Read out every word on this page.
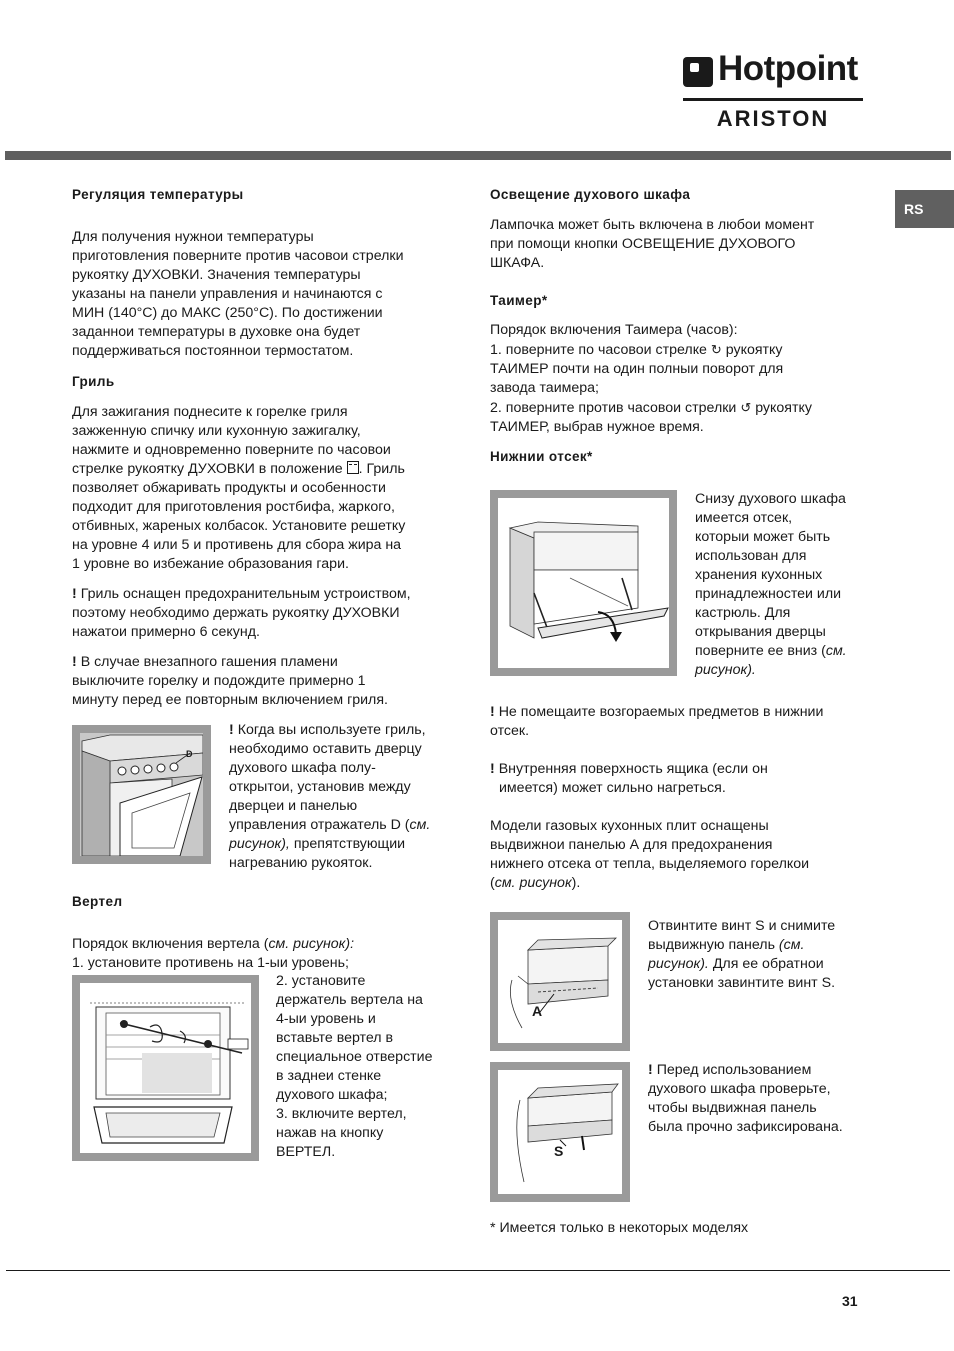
Hotpoint
ARISTON
RS
Регуляция температуры
Для получения нужнои температуры
приготовления поверните против часовои стрелки
рукоятку ДУХОВКИ. Значения температуры
указаны на панели управления и начинаются с
МИН (140°С) до МАКС (250°С). По достижении
заданнои температуры в духовке она будет
поддерживаться постояннои термостатом.
Гриль
Для зажигания поднесите к горелке гриля
зажженную спичку или кухонную зажигалку,
нажмите и одновременно поверните по часовои
стрелке рукоятку ДУХОВКИ в положение . Гриль
позволяет обжаривать продукты и особенности
подходит для приготовления ростбифа, жаркого,
отбивных, жареных колбасок. Установите решетку
на уровне 4 или 5 и противень для сбора жира на
1 уровне во избежание образования гари.
! Гриль оснащен предохранительным устроиством,
поэтому необходимо держать рукоятку ДУХОВКИ
нажатои примерно 6 секунд.
! В случае внезапного гашения пламени
выключите горелку и подождите примерно 1
минуту перед ее повторным включением гриля.
D
! Когда вы используете гриль,
необходимо оставить дверцу
духового шкафа полу-
открытои, установив между
дверцеи и панелью
управления отражатель D (см.
рисунок), препятствующии
нагреванию рукояток.
Вертел
Порядок включения вертела (см. рисунок):
1. установите противень на 1-ыи уровень;
2. установите
держатель вертела на
4-ыи уровень и
вставьте вертел в
специальное отверстие
в заднеи стенке
духового шкафа;
3. включите вертел,
нажав на кнопку
ВЕРТЕЛ.
Освещение духового шкафа
Лампочка может быть включена в любои момент
при помощи кнопки ОСВЕЩЕНИЕ ДУХОВОГО
ШКАФА.
Таимер*
Порядок включения Таимера (часов):
1. поверните по часовои стрелке ↻ рукоятку
ТАИМЕР почти на один полныи поворот для
завода таимера;
2. поверните против часовои стрелки ↺ рукоятку
ТАИМЕР, выбрав нужное время.
Нижнии отсек*
Снизу духового шкафа
имеется отсек,
которыи может быть
использован для
хранения кухонных
принадлежностеи или
кастрюль. Для
открывания дверцы
поверните ее вниз (см.
рисунок).
! Не помещаите возгораемых предметов в нижнии
отсек.
! Внутренняя поверхность ящика (если он
имеется) может сильно нагреться.
Модели газовых кухонных плит оснащены
выдвижнои панелью А для предохранения
нижнего отсека от тепла, выделяемого горелкои
(см. рисунок).
A
Отвинтите винт S и снимите
выдвижную панель (см.
рисунок). Для ее обратнои
установки завинтите винт S.
S
! Перед использованием
духового шкафа проверьте,
чтобы выдвижная панель
была прочно зафиксирована.
* Имеется только в некоторых моделях
31
